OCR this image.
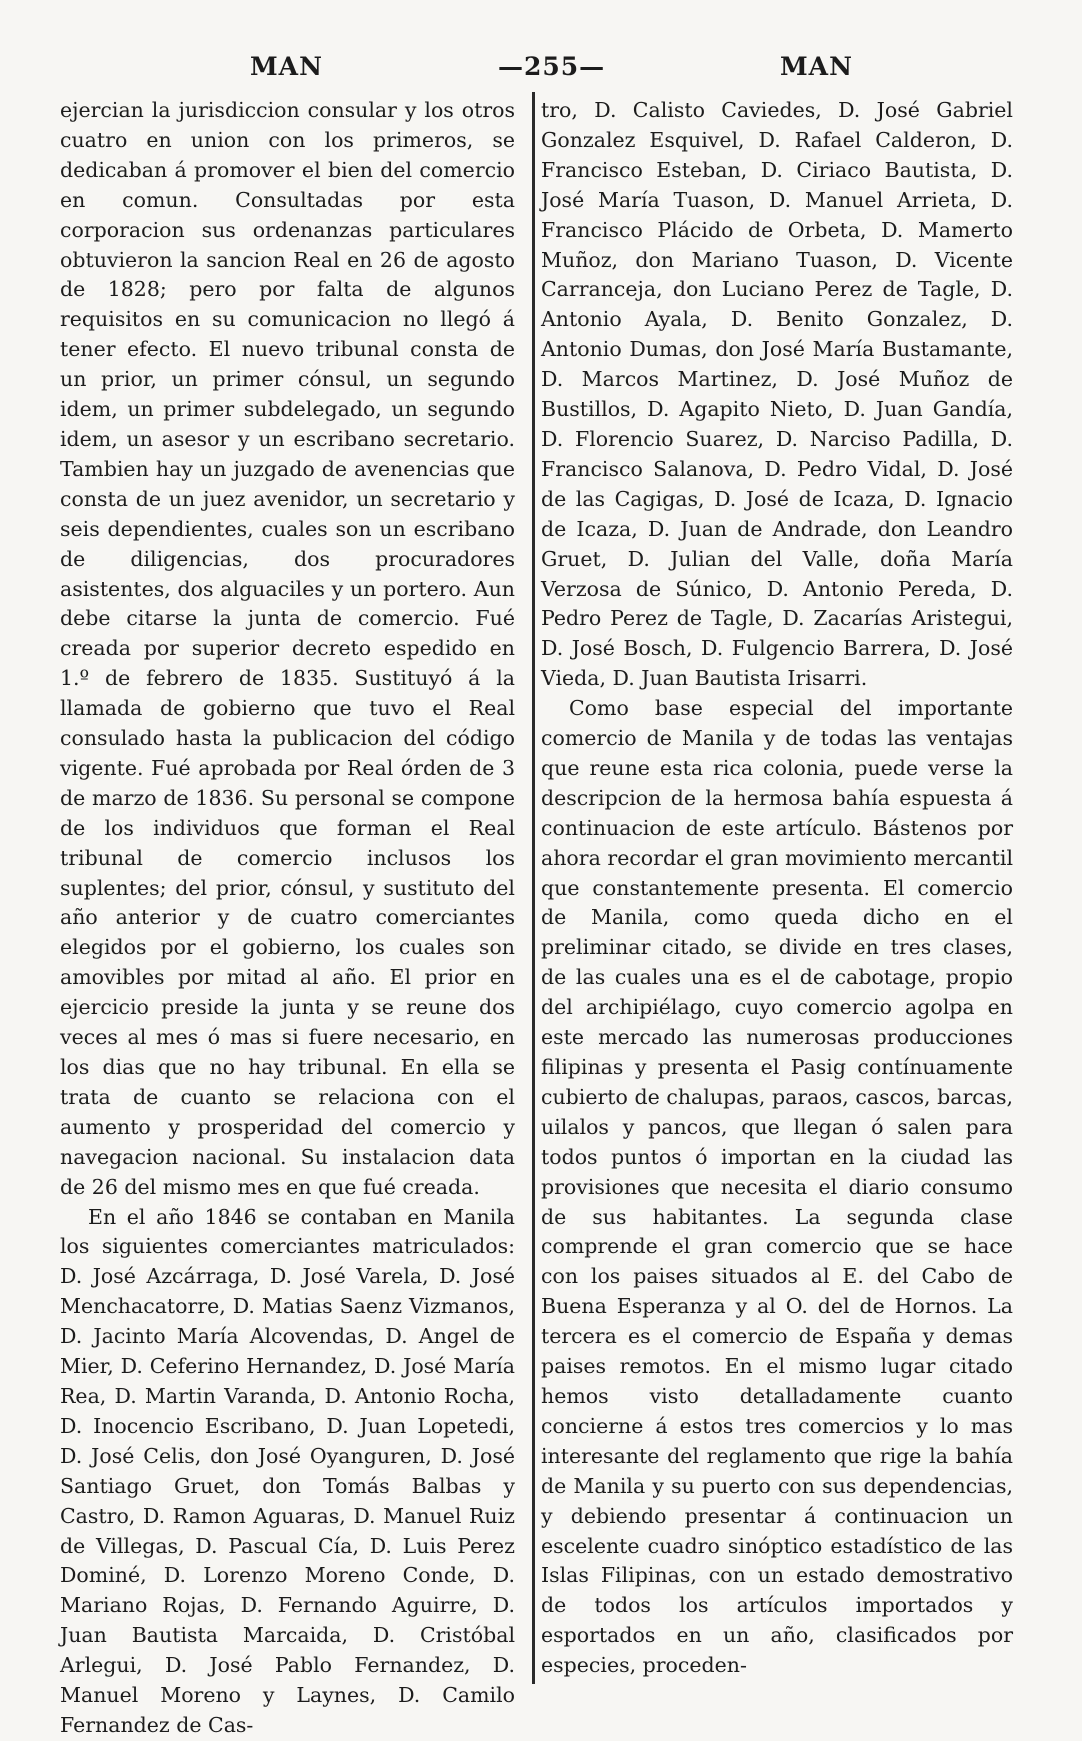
MAN	—255—	MAN

ejercian la jurisdiccion consular y los otros cuatro en union con los primeros, se dedicaban á promover el bien del comercio en comun. Consultadas por esta corporacion sus ordenanzas particulares obtuvieron la sancion Real en 26 de agosto de 1828; pero por falta de algunos requisitos en su comunicacion no llegó á tener efecto. El nuevo tribunal consta de un prior, un primer cónsul, un segundo idem, un primer subdelegado, un segundo idem, un asesor y un escribano secretario. Tambien hay un juzgado de avenencias que consta de un juez avenidor, un secretario y seis dependientes, cuales son un escribano de diligencias, dos procuradores asistentes, dos alguaciles y un portero. Aun debe citarse la junta de comercio. Fué creada por superior decreto espedido en 1.º de febrero de 1835. Sustituyó á la llamada de gobierno que tuvo el Real consulado hasta la publicacion del código vigente. Fué aprobada por Real órden de 3 de marzo de 1836. Su personal se compone de los individuos que forman el Real tribunal de comercio inclusos los suplentes; del prior, cónsul, y sustituto del año anterior y de cuatro comerciantes elegidos por el gobierno, los cuales son amovibles por mitad al año. El prior en ejercicio preside la junta y se reune dos veces al mes ó mas si fuere necesario, en los dias que no hay tribunal. En ella se trata de cuanto se relaciona con el aumento y prosperidad del comercio y navegacion nacional. Su instalacion data de 26 del mismo mes en que fué creada.

En el año 1846 se contaban en Manila los siguientes comerciantes matriculados: D. José Azcárraga, D. José Varela, D. José Menchacatorre, D. Matias Saenz Vizmanos, D. Jacinto María Alcovendas, D. Angel de Mier, D. Ceferino Hernandez, D. José María Rea, D. Martin Varanda, D. Antonio Rocha, D. Inocencio Escribano, D. Juan Lopetedi, D. José Celis, don José Oyanguren, D. José Santiago Gruet, don Tomás Balbas y Castro, D. Ramon Aguaras, D. Manuel Ruiz de Villegas, D. Pascual Cía, D. Luis Perez Dominé, D. Lorenzo Moreno Conde, D. Mariano Rojas, D. Fernando Aguirre, D. Juan Bautista Marcaida, D. Cristóbal Arlegui, D. José Pablo Fernandez, D. Manuel Moreno y Laynes, D. Camilo Fernandez de Cas-

tro, D. Calisto Caviedes, D. José Gabriel Gonzalez Esquivel, D. Rafael Calderon, D. Francisco Esteban, D. Ciriaco Bautista, D. José María Tuason, D. Manuel Arrieta, D. Francisco Plácido de Orbeta, D. Mamerto Muñoz, don Mariano Tuason, D. Vicente Carranceja, don Luciano Perez de Tagle, D. Antonio Ayala, D. Benito Gonzalez, D. Antonio Dumas, don José María Bustamante, D. Marcos Martinez, D. José Muñoz de Bustillos, D. Agapito Nieto, D. Juan Gandía, D. Florencio Suarez, D. Narciso Padilla, D. Francisco Salanova, D. Pedro Vidal, D. José de las Cagigas, D. José de Icaza, D. Ignacio de Icaza, D. Juan de Andrade, don Leandro Gruet, D. Julian del Valle, doña María Verzosa de Súnico, D. Antonio Pereda, D. Pedro Perez de Tagle, D. Zacarías Aristegui, D. José Bosch, D. Fulgencio Barrera, D. José Vieda, D. Juan Bautista Irisarri.

Como base especial del importante comercio de Manila y de todas las ventajas que reune esta rica colonia, puede verse la descripcion de la hermosa bahía espuesta á continuacion de este artículo. Bástenos por ahora recordar el gran movimiento mercantil que constantemente presenta. El comercio de Manila, como queda dicho en el preliminar citado, se divide en tres clases, de las cuales una es el de cabotage, propio del archipiélago, cuyo comercio agolpa en este mercado las numerosas producciones filipinas y presenta el Pasig contínuamente cubierto de chalupas, paraos, cascos, barcas, uilalos y pancos, que llegan ó salen para todos puntos ó importan en la ciudad las provisiones que necesita el diario consumo de sus habitantes. La segunda clase comprende el gran comercio que se hace con los paises situados al E. del Cabo de Buena Esperanza y al O. del de Hornos. La tercera es el comercio de España y demas paises remotos. En el mismo lugar citado hemos visto detalladamente cuanto concierne á estos tres comercios y lo mas interesante del reglamento que rige la bahía de Manila y su puerto con sus dependencias, y debiendo presentar á continuacion un escelente cuadro sinóptico estadístico de las Islas Filipinas, con un estado demostrativo de todos los artículos importados y esportados en un año, clasificados por especies, proceden-
